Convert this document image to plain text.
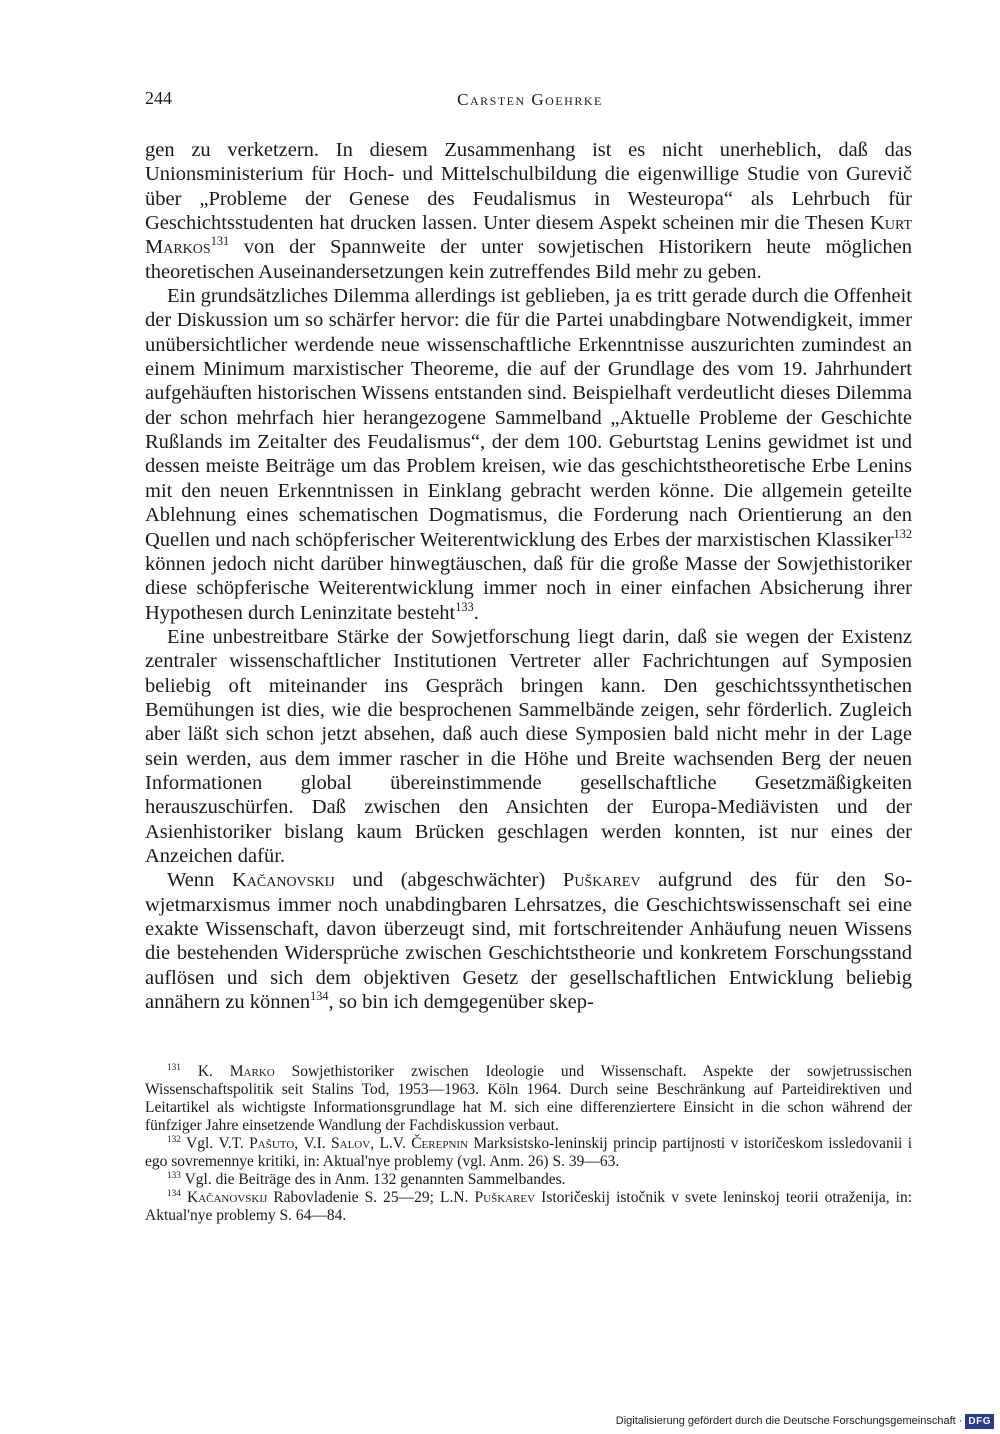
244	Carsten Goehrke

gen zu verketzern. In diesem Zusammenhang ist es nicht unerheblich, daß das Unionsministerium für Hoch- und Mittelschulbildung die eigenwillige Studie von Gurevič über „Probleme der Genese des Feudalismus in Westeuropa“ als Lehrbuch für Geschichtsstudenten hat drucken lassen. Unter diesem Aspekt scheinen mir die Thesen Kurt Markos$^{131}$ von der Spannweite der unter sowjetischen Historikern heute möglichen theoretischen Auseinandersetzungen kein zutreffendes Bild mehr zu geben.

Ein grundsätzliches Dilemma allerdings ist geblieben, ja es tritt gerade durch die Offenheit der Diskussion um so schärfer hervor: die für die Partei unabdingbare Notwendigkeit, immer unübersichtlicher werdende neue wissenschaftliche Erkenntnisse auszurichten zumindest an einem Minimum marxistischer Theoreme, die auf der Grundlage des vom 19. Jahrhundert aufgehäuften historischen Wissens entstanden sind. Beispielhaft verdeutlicht dieses Dilemma der schon mehrfach hier herangezogene Sammelband „Aktuelle Probleme der Geschichte Rußlands im Zeitalter des Feudalismus“, der dem 100. Geburtstag Lenins gewidmet ist und dessen meiste Beiträge um das Problem kreisen, wie das geschichtstheoretische Erbe Lenins mit den neuen Erkenntnissen in Einklang gebracht werden könne. Die allgemein geteilte Ablehnung eines schematischen Dogmatismus, die Forderung nach Orientierung an den Quellen und nach schöpferischer Weiterentwicklung des Erbes der marxistischen Klassiker$^{132}$ können jedoch nicht darüber hinwegtäuschen, daß für die große Masse der Sowjethistoriker diese schöpferische Weiterentwicklung immer noch in einer einfachen Absicherung ihrer Hypothesen durch Leninzitate besteht$^{133}$.

Eine unbestreitbare Stärke der Sowjetforschung liegt darin, daß sie wegen der Existenz zentraler wissenschaftlicher Institutionen Vertreter aller Fachrichtungen auf Symposien beliebig oft miteinander ins Gespräch bringen kann. Den geschichtssynthetischen Bemühungen ist dies, wie die besprochenen Sammelbände zeigen, sehr förderlich. Zugleich aber läßt sich schon jetzt absehen, daß auch diese Symposien bald nicht mehr in der Lage sein werden, aus dem immer rascher in die Höhe und Breite wachsenden Berg der neuen Informationen global übereinstimmende gesellschaftliche Gesetzmäßigkeiten herauszuschürfen. Daß zwischen den Ansichten der Europa-Mediävisten und der Asienhistoriker bislang kaum Brücken geschlagen werden konnten, ist nur eines der Anzeichen dafür.

Wenn Kačanovskij und (abgeschwächter) Puškarev aufgrund des für den Sowjetmarxismus immer noch unabdingbaren Lehrsatzes, die Geschichtswissenschaft sei eine exakte Wissenschaft, davon überzeugt sind, mit fortschreitender Anhäufung neuen Wissens die bestehenden Widersprüche zwischen Geschichtstheorie und konkretem Forschungsstand auflösen und sich dem objektiven Gesetz der gesellschaftlichen Entwicklung beliebig annähern zu können$^{134}$, so bin ich demgegenüber skep-

$^{131}$ K. Marko Sowjethistoriker zwischen Ideologie und Wissenschaft. Aspekte der sowjetrussischen Wissenschaftspolitik seit Stalins Tod, 1953—1963. Köln 1964. Durch seine Beschränkung auf Parteidirektiven und Leitartikel als wichtigste Informationsgrundlage hat M. sich eine differenziertere Einsicht in die schon während der fünfziger Jahre einsetzende Wandlung der Fachdiskussion verbaut.

$^{132}$ Vgl. V.T. Pašuto, V.I. Salov, L.V. Čerepnin Marksistsko-leninskij princip partijnosti v istoričeskom issledovanii i ego sovremennye kritiki, in: Aktual'nye problemy (vgl. Anm. 26) S. 39—63.

$^{133}$ Vgl. die Beiträge des in Anm. 132 genannten Sammelbandes.

$^{134}$ Kačanovskij Rabovladenie S. 25—29; L.N. Puškarev Istoričeskij istočnik v svete leninskoj teorii otraženija, in: Aktual'nye problemy S. 64—84.

Digitalisierung gefördert durch die Deutsche Forschungsgemeinschaft · DFG
